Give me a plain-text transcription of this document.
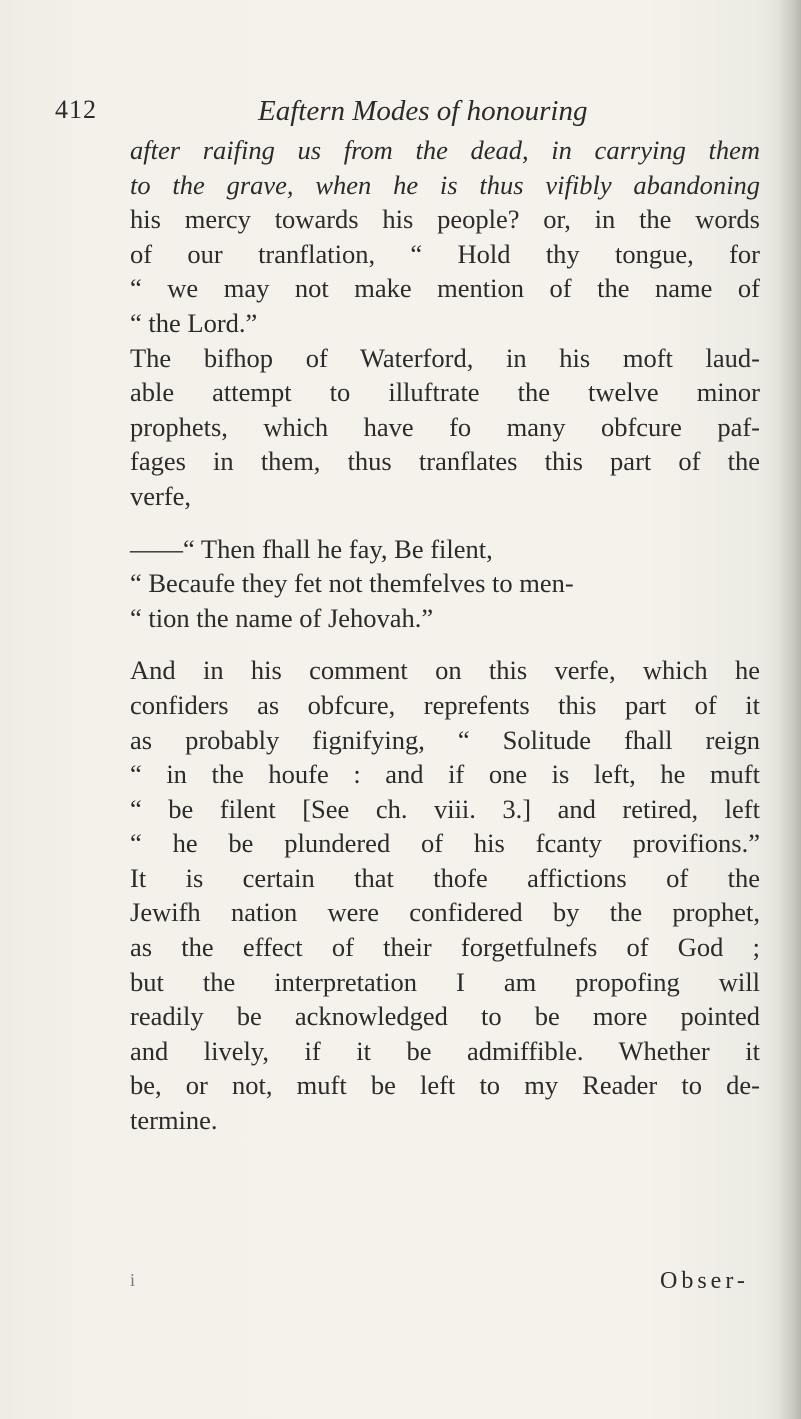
412	Eaftern Modes of honouring
after raifing us from the dead, in carrying them
to the grave, when he is thus vifibly abandoning
his mercy towards his people? or, in the words
of our tranflation, “ Hold thy tongue, for
“ we may not make mention of the name of
“ the Lord.”
The bifhop of Waterford, in his moft laud-
able attempt to illuftrate the twelve minor
prophets, which have fo many obfcure paf-
fages in them, thus tranflates this part of the
verfe,
——“ Then fhall he fay, Be filent,
“ Becaufe they fet not themfelves to men-
“ tion the name of Jehovah.”
And in his comment on this verfe, which he
confiders as obfcure, reprefents this part of it
as probably fignifying, “ Solitude fhall reign
“ in the houfe : and if one is left, he muft
“ be filent [See ch. viii. 3.] and retired, left
“ he be plundered of his fcanty provifions.”
It is certain that thofe affictions of the
Jewifh nation were confidered by the prophet,
as the effect of their forgetfulnefs of God ;
but the interpretation I am propofing will
readily be acknowledged to be more pointed
and lively, if it be admiffible. Whether it
be, or not, muft be left to my Reader to de-
termine.
i	Obser-
